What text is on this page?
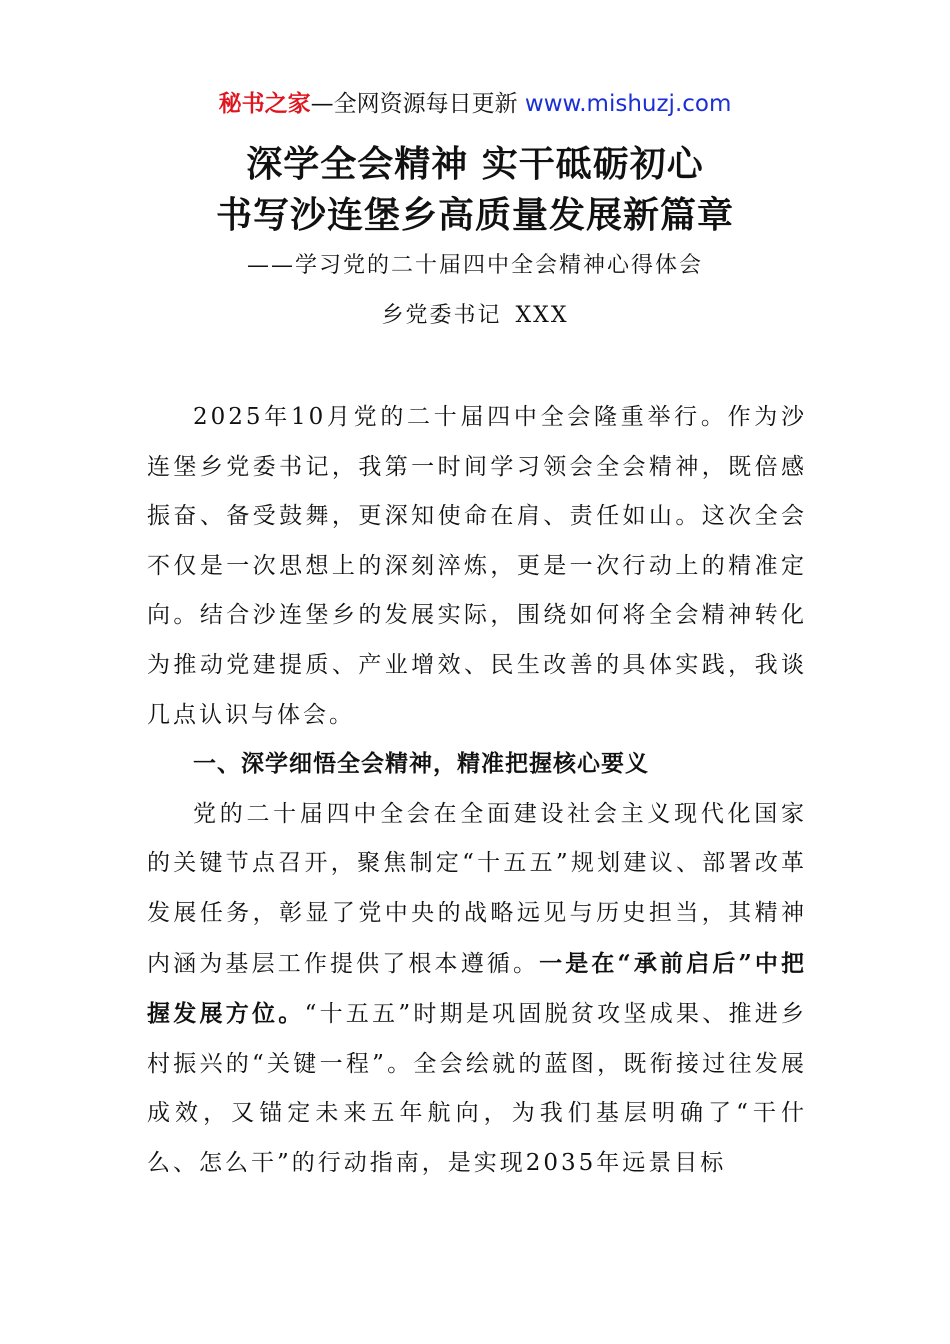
秘书之家—全网资源每日更新 www.mishuzj.com
深学全会精神 实干砥砺初心
书写沙连堡乡高质量发展新篇章
——学习党的二十届四中全会精神心得体会
乡党委书记 XXX

2025年10月党的二十届四中全会隆重举行。作为沙连堡乡党委书记，我第一时间学习领会全会精神，既倍感振奋、备受鼓舞，更深知使命在肩、责任如山。这次全会不仅是一次思想上的深刻淬炼，更是一次行动上的精准定向。结合沙连堡乡的发展实际，围绕如何将全会精神转化为推动党建提质、产业增效、民生改善的具体实践，我谈几点认识与体会。

一、深学细悟全会精神，精准把握核心要义

党的二十届四中全会在全面建设社会主义现代化国家的关键节点召开，聚焦制定“十五五”规划建议、部署改革发展任务，彰显了党中央的战略远见与历史担当，其精神内涵为基层工作提供了根本遵循。一是在“承前启后”中把握发展方位。“十五五”时期是巩固脱贫攻坚成果、推进乡村振兴的“关键一程”。全会绘就的蓝图，既衔接过往发展成效，又锚定未来五年航向，为我们基层明确了“干什么、怎么干”的行动指南，是实现2035年远景目标
